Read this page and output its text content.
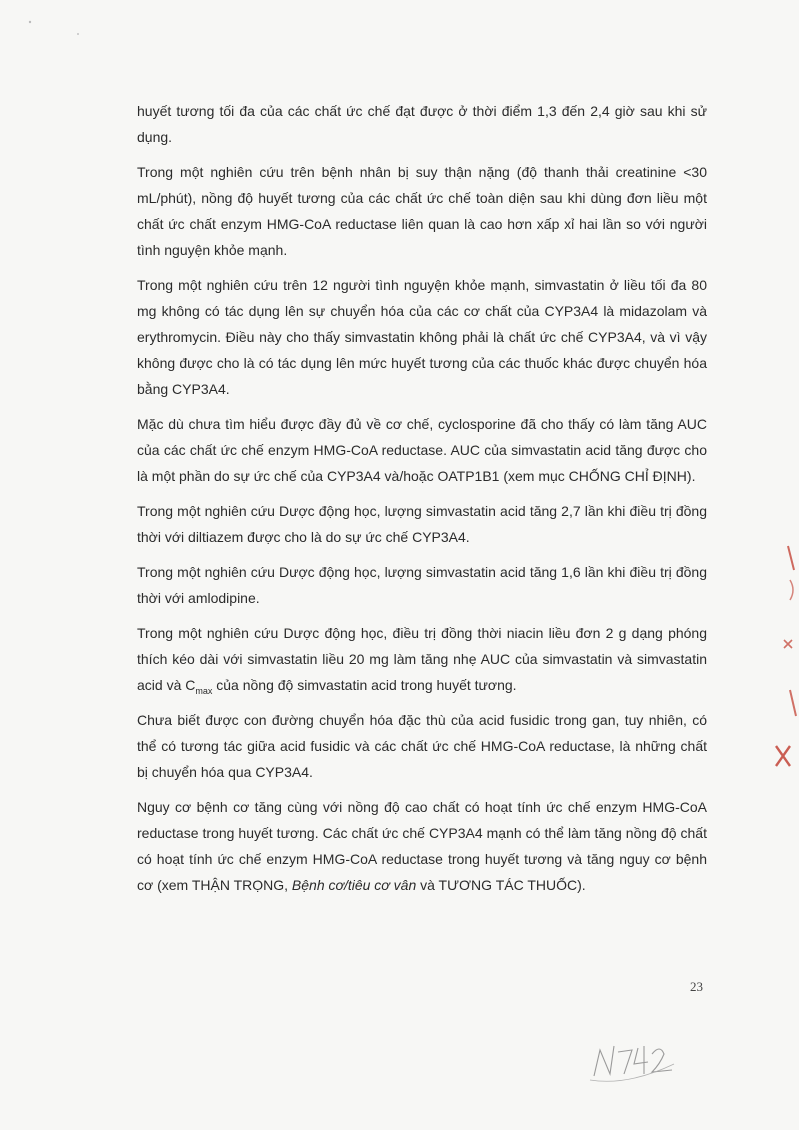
huyết tương tối đa của các chất ức chế đạt được ở thời điểm 1,3 đến 2,4 giờ sau khi sử dụng.

Trong một nghiên cứu trên bệnh nhân bị suy thận nặng (độ thanh thải creatinine <30 mL/phút), nồng độ huyết tương của các chất ức chế toàn diện sau khi dùng đơn liều một chất ức chất enzym HMG-CoA reductase liên quan là cao hơn xấp xỉ hai lần so với người tình nguyện khỏe mạnh.

Trong một nghiên cứu trên 12 người tình nguyện khỏe mạnh, simvastatin ở liều tối đa 80 mg không có tác dụng lên sự chuyển hóa của các cơ chất của CYP3A4 là midazolam và erythromycin. Điều này cho thấy simvastatin không phải là chất ức chế CYP3A4, và vì vậy không được cho là có tác dụng lên mức huyết tương của các thuốc khác được chuyển hóa bằng CYP3A4.

Mặc dù chưa tìm hiểu được đầy đủ về cơ chế, cyclosporine đã cho thấy có làm tăng AUC của các chất ức chế enzym HMG-CoA reductase. AUC của simvastatin acid tăng được cho là một phần do sự ức chế của CYP3A4 và/hoặc OATP1B1 (xem mục CHỐNG CHỈ ĐỊNH).

Trong một nghiên cứu Dược động học, lượng simvastatin acid tăng 2,7 lần khi điều trị đồng thời với diltiazem được cho là do sự ức chế CYP3A4.

Trong một nghiên cứu Dược động học, lượng simvastatin acid tăng 1,6 lần khi điều trị đồng thời với amlodipine.

Trong một nghiên cứu Dược động học, điều trị đồng thời niacin liều đơn 2 g dạng phóng thích kéo dài với simvastatin liều 20 mg làm tăng nhẹ AUC của simvastatin và simvastatin acid và $C_{max}$ của nồng độ simvastatin acid trong huyết tương.

Chưa biết được con đường chuyển hóa đặc thù của acid fusidic trong gan, tuy nhiên, có thể có tương tác giữa acid fusidic và các chất ức chế HMG-CoA reductase, là những chất bị chuyển hóa qua CYP3A4.

Nguy cơ bệnh cơ tăng cùng với nồng độ cao chất có hoạt tính ức chế enzym HMG-CoA reductase trong huyết tương. Các chất ức chế CYP3A4 mạnh có thể làm tăng nồng độ chất có hoạt tính ức chế enzym HMG-CoA reductase trong huyết tương và tăng nguy cơ bệnh cơ (xem THẬN TRỌNG, Bệnh cơ/tiêu cơ vân và TƯƠNG TÁC THUỐC).

23
